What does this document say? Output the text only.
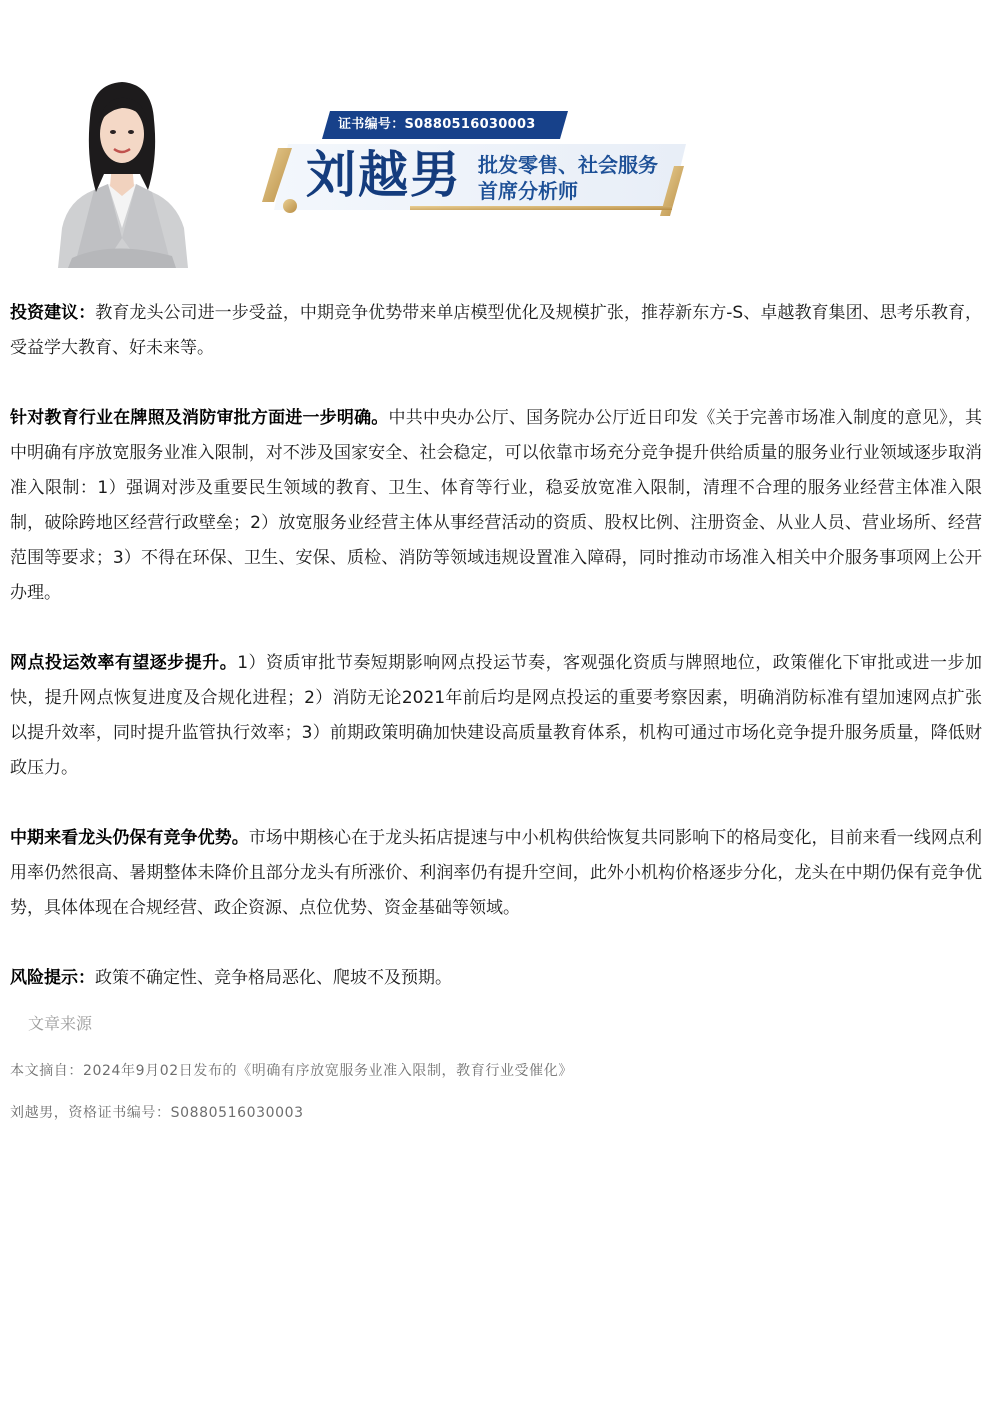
证书编号：S0880516030003
刘越男 批发零售、社会服务
首席分析师

投资建议：教育龙头公司进一步受益，中期竞争优势带来单店模型优化及规模扩张，推荐新东方-S、卓越教育集团、思考乐教育，受益学大教育、好未来等。

针对教育行业在牌照及消防审批方面进一步明确。中共中央办公厅、国务院办公厅近日印发《关于完善市场准入制度的意见》，其中明确有序放宽服务业准入限制，对不涉及国家安全、社会稳定，可以依靠市场充分竞争提升供给质量的服务业行业领域逐步取消准入限制：1）强调对涉及重要民生领域的教育、卫生、体育等行业，稳妥放宽准入限制，清理不合理的服务业经营主体准入限制，破除跨地区经营行政壁垒；2）放宽服务业经营主体从事经营活动的资质、股权比例、注册资金、从业人员、营业场所、经营范围等要求；3）不得在环保、卫生、安保、质检、消防等领域违规设置准入障碍，同时推动市场准入相关中介服务事项网上公开办理。

网点投运效率有望逐步提升。1）资质审批节奏短期影响网点投运节奏，客观强化资质与牌照地位，政策催化下审批或进一步加快，提升网点恢复进度及合规化进程；2）消防无论2021年前后均是网点投运的重要考察因素，明确消防标准有望加速网点扩张以提升效率，同时提升监管执行效率；3）前期政策明确加快建设高质量教育体系，机构可通过市场化竞争提升服务质量，降低财政压力。

中期来看龙头仍保有竞争优势。市场中期核心在于龙头拓店提速与中小机构供给恢复共同影响下的格局变化，目前来看一线网点利用率仍然很高、暑期整体未降价且部分龙头有所涨价、利润率仍有提升空间，此外小机构价格逐步分化，龙头在中期仍保有竞争优势，具体体现在合规经营、政企资源、点位优势、资金基础等领域。

风险提示：政策不确定性、竞争格局恶化、爬坡不及预期。

文章来源
本文摘自：2024年9月02日发布的《明确有序放宽服务业准入限制，教育行业受催化》
刘越男，资格证书编号：S0880516030003
